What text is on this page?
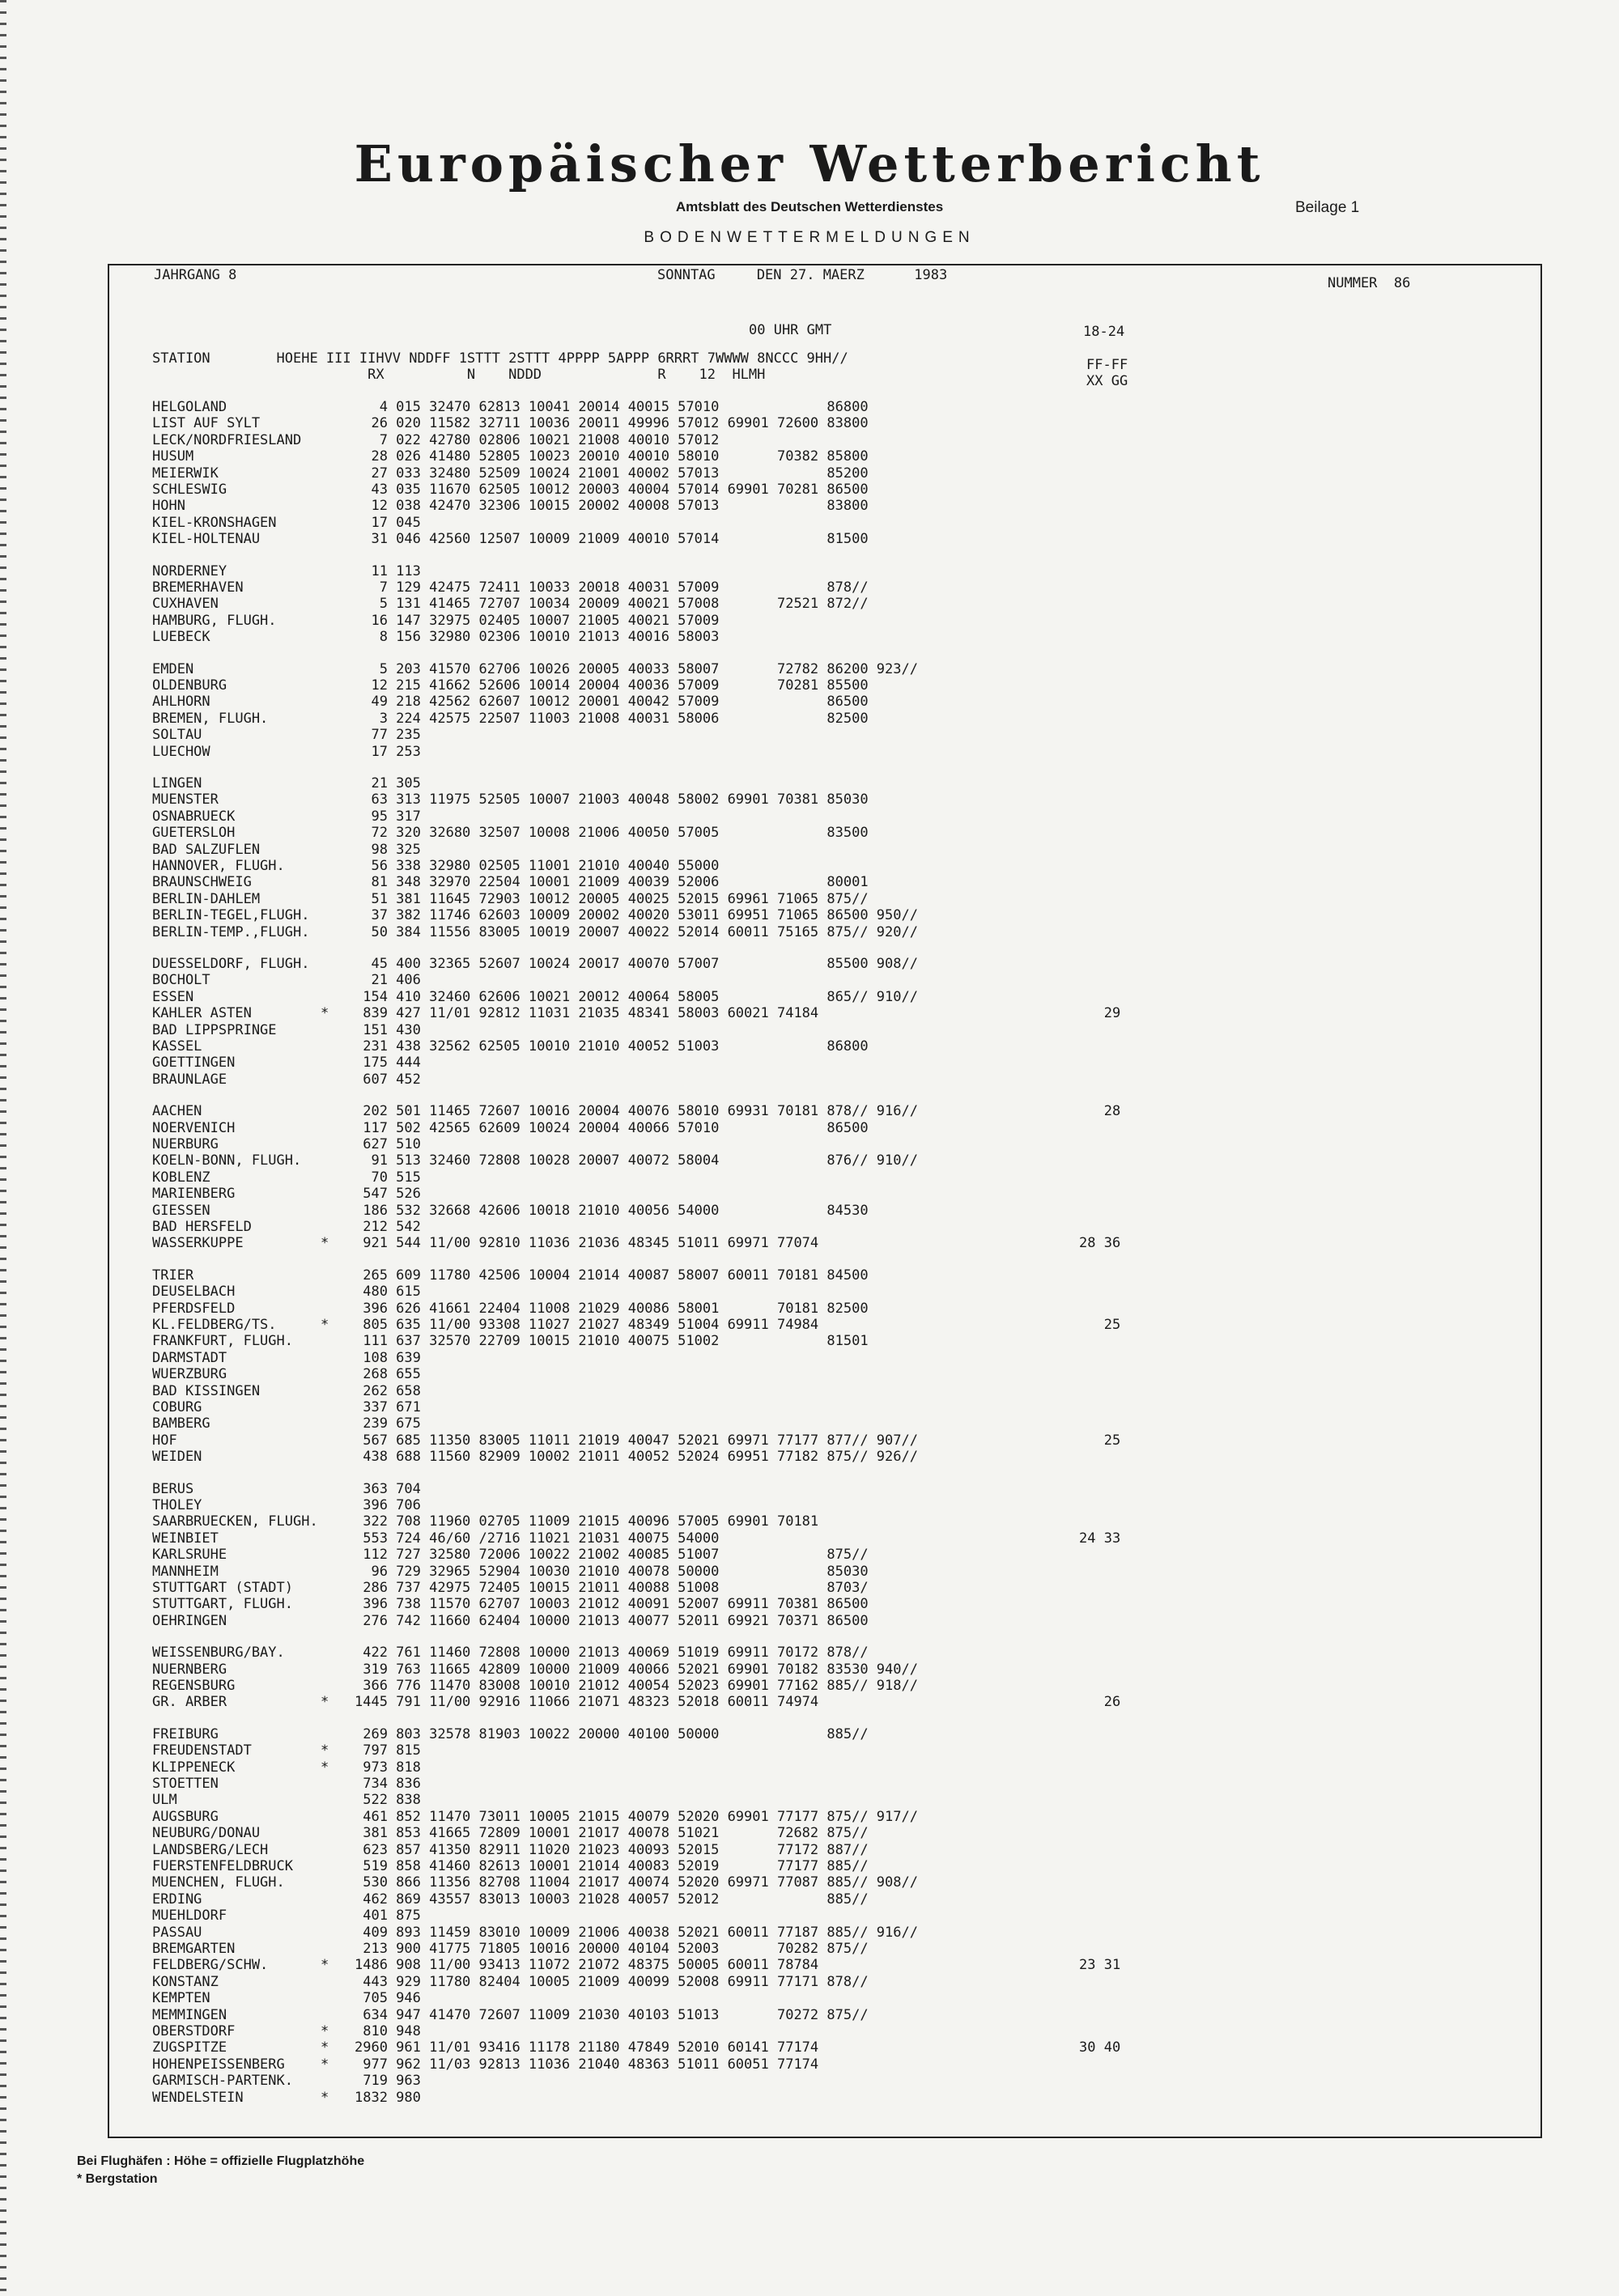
Europäischer Wetterbericht
Amtsblatt des Deutschen Wetterdienstes	Beilage 1
BODENWETTERMELDUNGEN
JAHRGANG 8	SONNTAG     DEN 27. MAERZ      1983	NUMMER  86
00 UHR GMT	18-24
STATION        HOEHE III IIHVV NDDFF 1STTT 2STTT 4PPPP 5APPP 6RRRT 7WWWW 8NCCC 9HH//
RX          N    NDDD              R    12  HLMH
FF-FF
XX GG
HELGOLAND	4 015 32470 62813 10041 20014 40015 57010             86800
LIST AUF SYLT	26 020 11582 32711 10036 20011 49996 57012 69901 72600 83800
LECK/NORDFRIESLAND	7 022 42780 02806 10021 21008 40010 57012
HUSUM	28 026 41480 52805 10023 20010 40010 58010       70382 85800
MEIERWIK	27 033 32480 52509 10024 21001 40002 57013             85200
SCHLESWIG	43 035 11670 62505 10012 20003 40004 57014 69901 70281 86500
HOHN	12 038 42470 32306 10015 20002 40008 57013             83800
KIEL-KRONSHAGEN	17 045
KIEL-HOLTENAU	31 046 42560 12507 10009 21009 40010 57014             81500
NORDERNEY	11 113
BREMERHAVEN	7 129 42475 72411 10033 20018 40031 57009             878//
CUXHAVEN	5 131 41465 72707 10034 20009 40021 57008       72521 872//
HAMBURG, FLUGH.	16 147 32975 02405 10007 21005 40021 57009
LUEBECK	8 156 32980 02306 10010 21013 40016 58003
EMDEN	5 203 41570 62706 10026 20005 40033 58007       72782 86200 923//
OLDENBURG	12 215 41662 52606 10014 20004 40036 57009       70281 85500
AHLHORN	49 218 42562 62607 10012 20001 40042 57009             86500
BREMEN, FLUGH.	3 224 42575 22507 11003 21008 40031 58006             82500
SOLTAU	77 235
LUECHOW	17 253
LINGEN	21 305
MUENSTER	63 313 11975 52505 10007 21003 40048 58002 69901 70381 85030
OSNABRUECK	95 317
GUETERSLOH	72 320 32680 32507 10008 21006 40050 57005             83500
BAD SALZUFLEN	98 325
HANNOVER, FLUGH.	56 338 32980 02505 11001 21010 40040 55000
BRAUNSCHWEIG	81 348 32970 22504 10001 21009 40039 52006             80001
BERLIN-DAHLEM	51 381 11645 72903 10012 20005 40025 52015 69961 71065 875//
BERLIN-TEGEL,FLUGH.	37 382 11746 62603 10009 20002 40020 53011 69951 71065 86500 950//
BERLIN-TEMP.,FLUGH.	50 384 11556 83005 10019 20007 40022 52014 60011 75165 875// 920//
DUESSELDORF, FLUGH.	45 400 32365 52607 10024 20017 40070 57007             85500 908//
BOCHOLT	21 406
ESSEN	154 410 32460 62606 10021 20012 40064 58005             865// 910//
KAHLER ASTEN	* 839 427 11/01 92812 11031 21035 48341 58003 60021 74184	29
BAD LIPPSPRINGE	151 430
KASSEL	231 438 32562 62505 10010 21010 40052 51003             86800
GOETTINGEN	175 444
BRAUNLAGE	607 452
AACHEN	202 501 11465 72607 10016 20004 40076 58010 69931 70181 878// 916//	28
NOERVENICH	117 502 42565 62609 10024 20004 40066 57010             86500
NUERBURG	627 510
KOELN-BONN, FLUGH.	91 513 32460 72808 10028 20007 40072 58004             876// 910//
KOBLENZ	70 515
MARIENBERG	547 526
GIESSEN	186 532 32668 42606 10018 21010 40056 54000             84530
BAD HERSFELD	212 542
WASSERKUPPE	* 921 544 11/00 92810 11036 21036 48345 51011 69971 77074	28 36
TRIER	265 609 11780 42506 10004 21014 40087 58007 60011 70181 84500
DEUSELBACH	480 615
PFERDSFELD	396 626 41661 22404 11008 21029 40086 58001       70181 82500
KL.FELDBERG/TS.	* 805 635 11/00 93308 11027 21027 48349 51004 69911 74984	25
FRANKFURT, FLUGH.	111 637 32570 22709 10015 21010 40075 51002             81501
DARMSTADT	108 639
WUERZBURG	268 655
BAD KISSINGEN	262 658
COBURG	337 671
BAMBERG	239 675
HOF	567 685 11350 83005 11011 21019 40047 52021 69971 77177 877// 907//	25
WEIDEN	438 688 11560 82909 10002 21011 40052 52024 69951 77182 875// 926//
BERUS	363 704
THOLEY	396 706
SAARBRUECKEN, FLUGH.	322 708 11960 02705 11009 21015 40096 57005 69901 70181
WEINBIET	553 724 46/60 /2716 11021 21031 40075 54000	24 33
KARLSRUHE	112 727 32580 72006 10022 21002 40085 51007             875//
MANNHEIM	96 729 32965 52904 10030 21010 40078 50000             85030
STUTTGART (STADT)	286 737 42975 72405 10015 21011 40088 51008             8703/
STUTTGART, FLUGH.	396 738 11570 62707 10003 21012 40091 52007 69911 70381 86500
OEHRINGEN	276 742 11660 62404 10000 21013 40077 52011 69921 70371 86500
WEISSENBURG/BAY.	422 761 11460 72808 10000 21013 40069 51019 69911 70172 878//
NUERNBERG	319 763 11665 42809 10000 21009 40066 52021 69901 70182 83530 940//
REGENSBURG	366 776 11470 83008 10010 21012 40054 52023 69901 77162 885// 918//
GR. ARBER	* 1445 791 11/00 92916 11066 21071 48323 52018 60011 74974	26
FREIBURG	269 803 32578 81903 10022 20000 40100 50000             885//
FREUDENSTADT	* 797 815
KLIPPENECK	* 973 818
STOETTEN	734 836
ULM	522 838
AUGSBURG	461 852 11470 73011 10005 21015 40079 52020 69901 77177 875// 917//
NEUBURG/DONAU	381 853 41665 72809 10001 21017 40078 51021       72682 875//
LANDSBERG/LECH	623 857 41350 82911 11020 21023 40093 52015       77172 887//
FUERSTENFELDBRUCK	519 858 41460 82613 10001 21014 40083 52019       77177 885//
MUENCHEN, FLUGH.	530 866 11356 82708 11004 21017 40074 52020 69971 77087 885// 908//
ERDING	462 869 43557 83013 10003 21028 40057 52012             885//
MUEHLDORF	401 875
PASSAU	409 893 11459 83010 10009 21006 40038 52021 60011 77187 885// 916//
BREMGARTEN	213 900 41775 71805 10016 20000 40104 52003       70282 875//
FELDBERG/SCHW.	* 1486 908 11/00 93413 11072 21072 48375 50005 60011 78784	23 31
KONSTANZ	443 929 11780 82404 10005 21009 40099 52008 69911 77171 878//
KEMPTEN	705 946
MEMMINGEN	634 947 41470 72607 11009 21030 40103 51013       70272 875//
OBERSTDORF	* 810 948
ZUGSPITZE	* 2960 961 11/01 93416 11178 21180 47849 52010 60141 77174	30 40
HOHENPEISSENBERG	* 977 962 11/03 92813 11036 21040 48363 51011 60051 77174
GARMISCH-PARTENK.	719 963
WENDELSTEIN	* 1832 980
Bei Flughäfen : Höhe = offizielle Flugplatzhöhe
* Bergstation
